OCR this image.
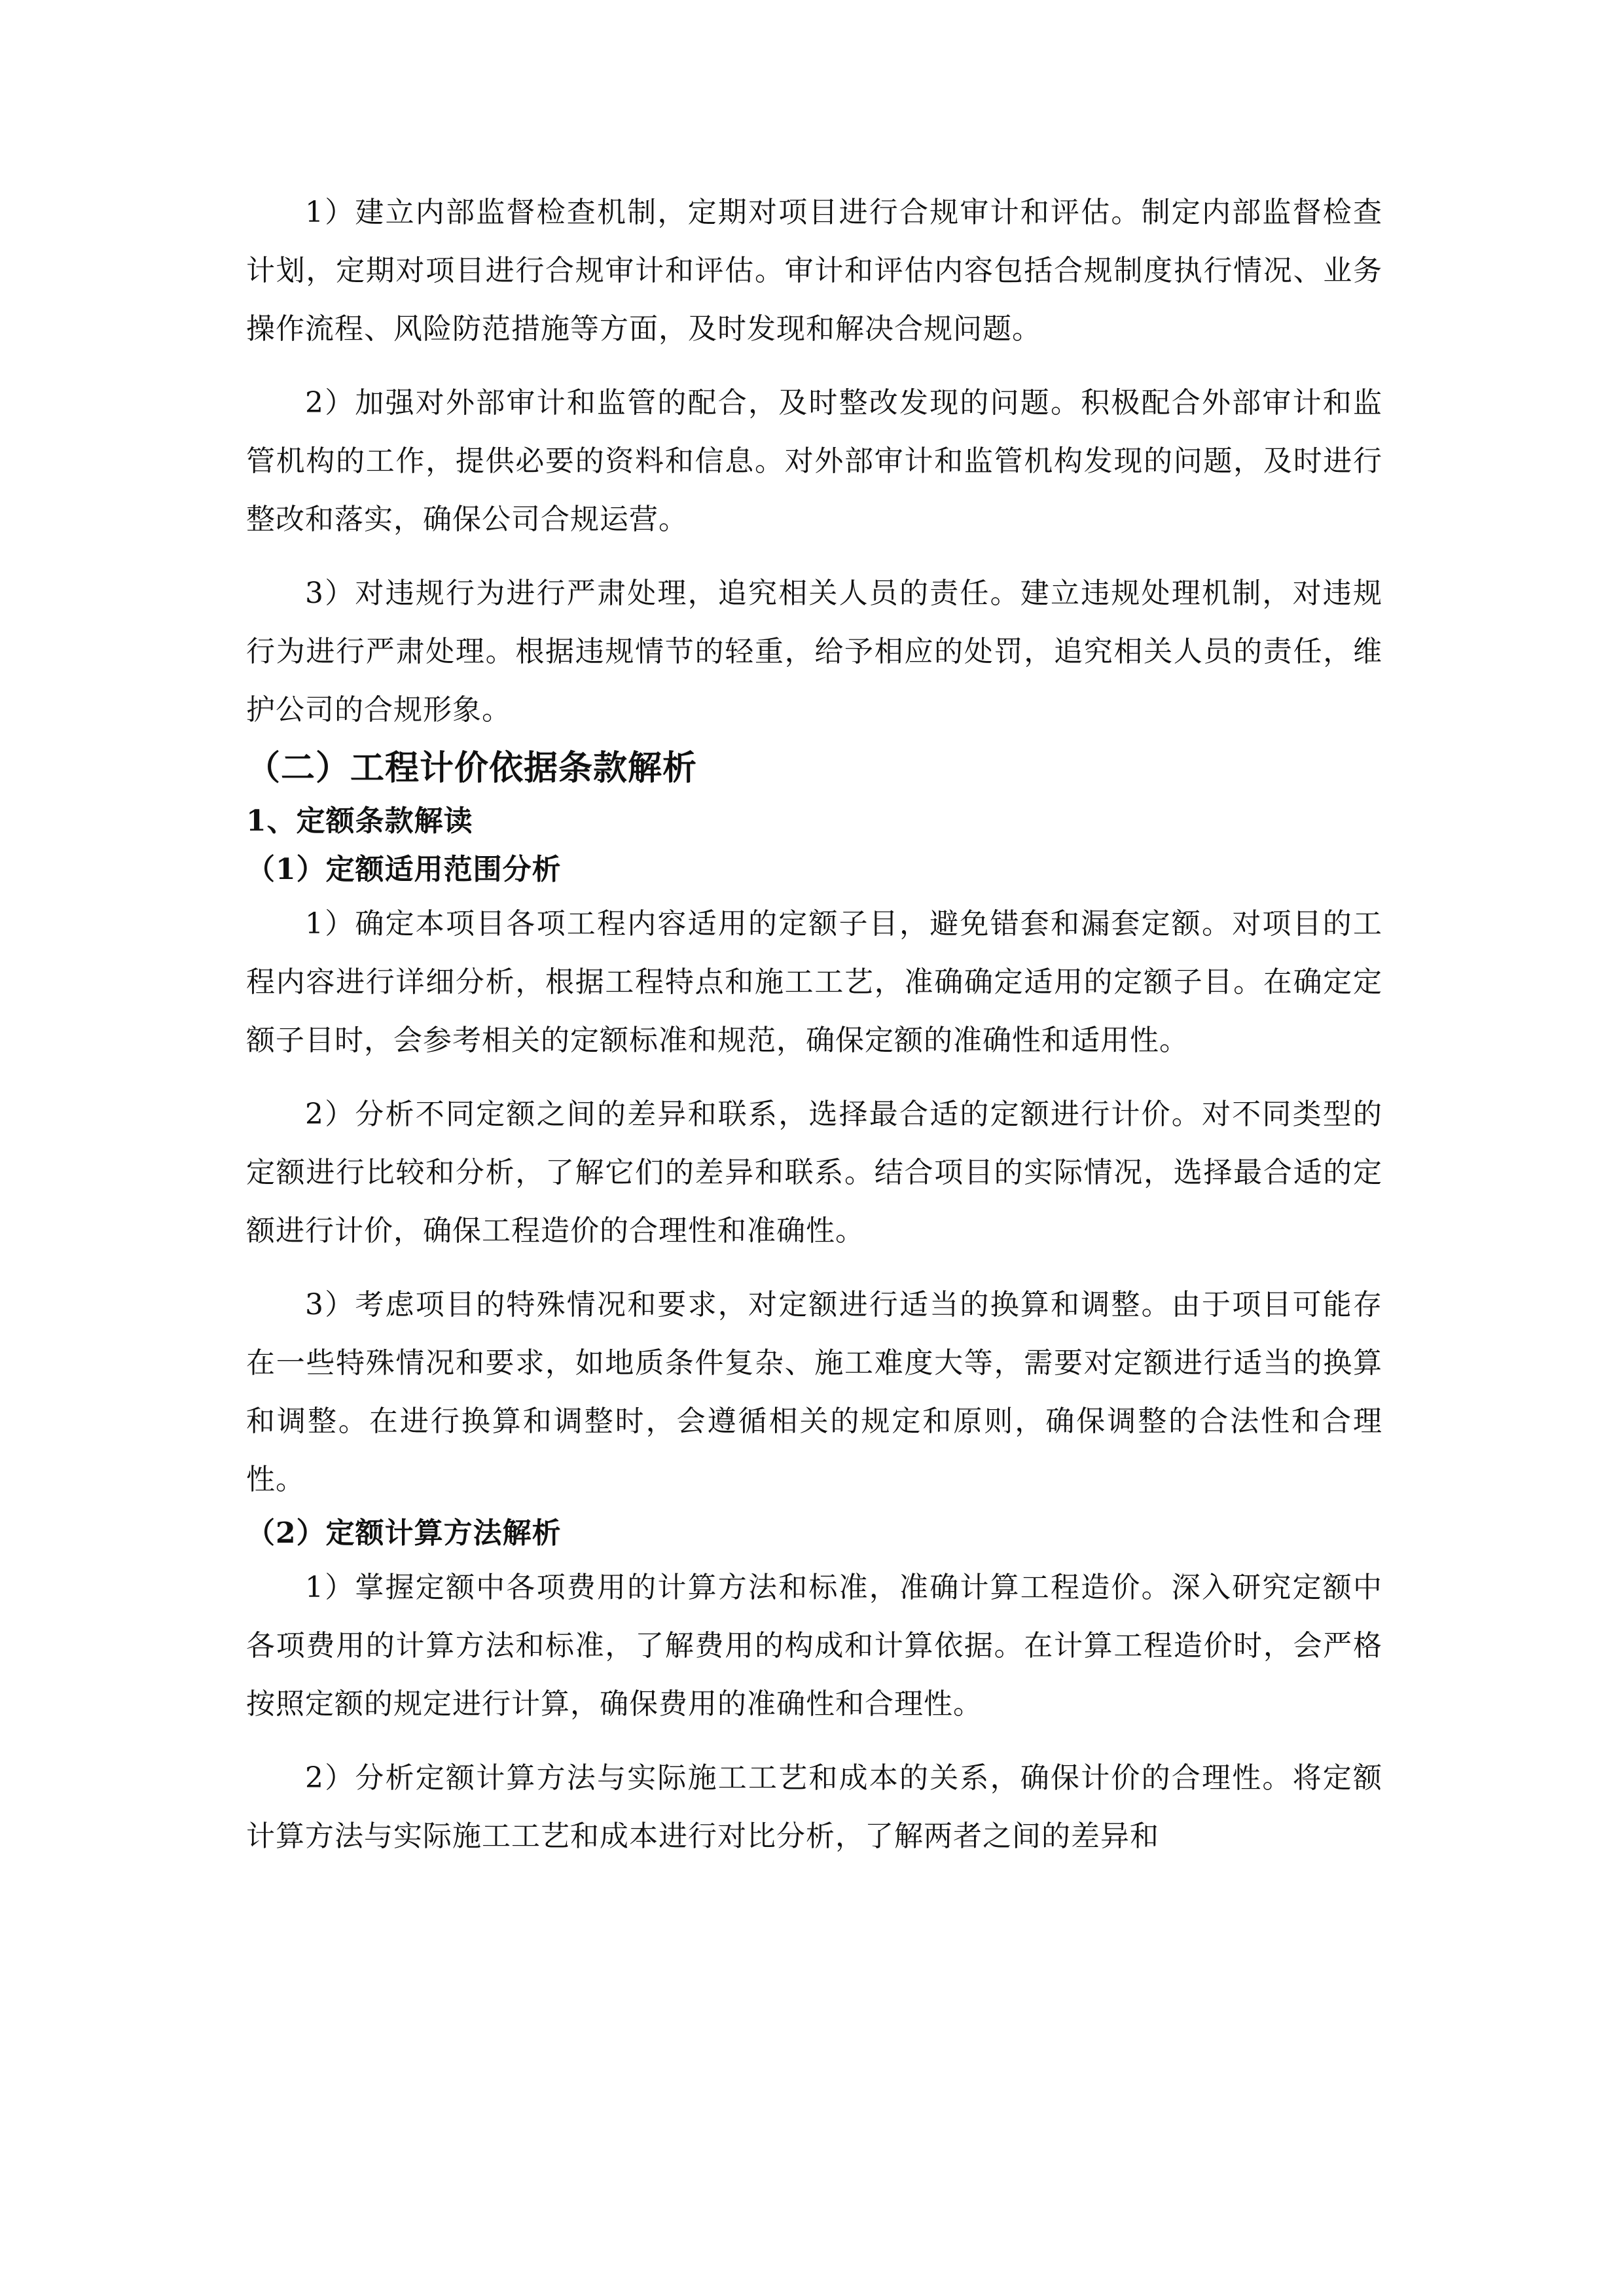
1）建立内部监督检查机制，定期对项目进行合规审计和评估。制定内部监督检查计划，定期对项目进行合规审计和评估。审计和评估内容包括合规制度执行情况、业务操作流程、风险防范措施等方面，及时发现和解决合规问题。

2）加强对外部审计和监管的配合，及时整改发现的问题。积极配合外部审计和监管机构的工作，提供必要的资料和信息。对外部审计和监管机构发现的问题，及时进行整改和落实，确保公司合规运营。

3）对违规行为进行严肃处理，追究相关人员的责任。建立违规处理机制，对违规行为进行严肃处理。根据违规情节的轻重，给予相应的处罚，追究相关人员的责任，维护公司的合规形象。

（二）工程计价依据条款解析
1、定额条款解读
（1）定额适用范围分析

1）确定本项目各项工程内容适用的定额子目，避免错套和漏套定额。对项目的工程内容进行详细分析，根据工程特点和施工工艺，准确确定适用的定额子目。在确定定额子目时，会参考相关的定额标准和规范，确保定额的准确性和适用性。

2）分析不同定额之间的差异和联系，选择最合适的定额进行计价。对不同类型的定额进行比较和分析，了解它们的差异和联系。结合项目的实际情况，选择最合适的定额进行计价，确保工程造价的合理性和准确性。

3）考虑项目的特殊情况和要求，对定额进行适当的换算和调整。由于项目可能存在一些特殊情况和要求，如地质条件复杂、施工难度大等，需要对定额进行适当的换算和调整。在进行换算和调整时，会遵循相关的规定和原则，确保调整的合法性和合理性。

（2）定额计算方法解析

1）掌握定额中各项费用的计算方法和标准，准确计算工程造价。深入研究定额中各项费用的计算方法和标准，了解费用的构成和计算依据。在计算工程造价时，会严格按照定额的规定进行计算，确保费用的准确性和合理性。

2）分析定额计算方法与实际施工工艺和成本的关系，确保计价的合理性。将定额计算方法与实际施工工艺和成本进行对比分析，了解两者之间的差异和
